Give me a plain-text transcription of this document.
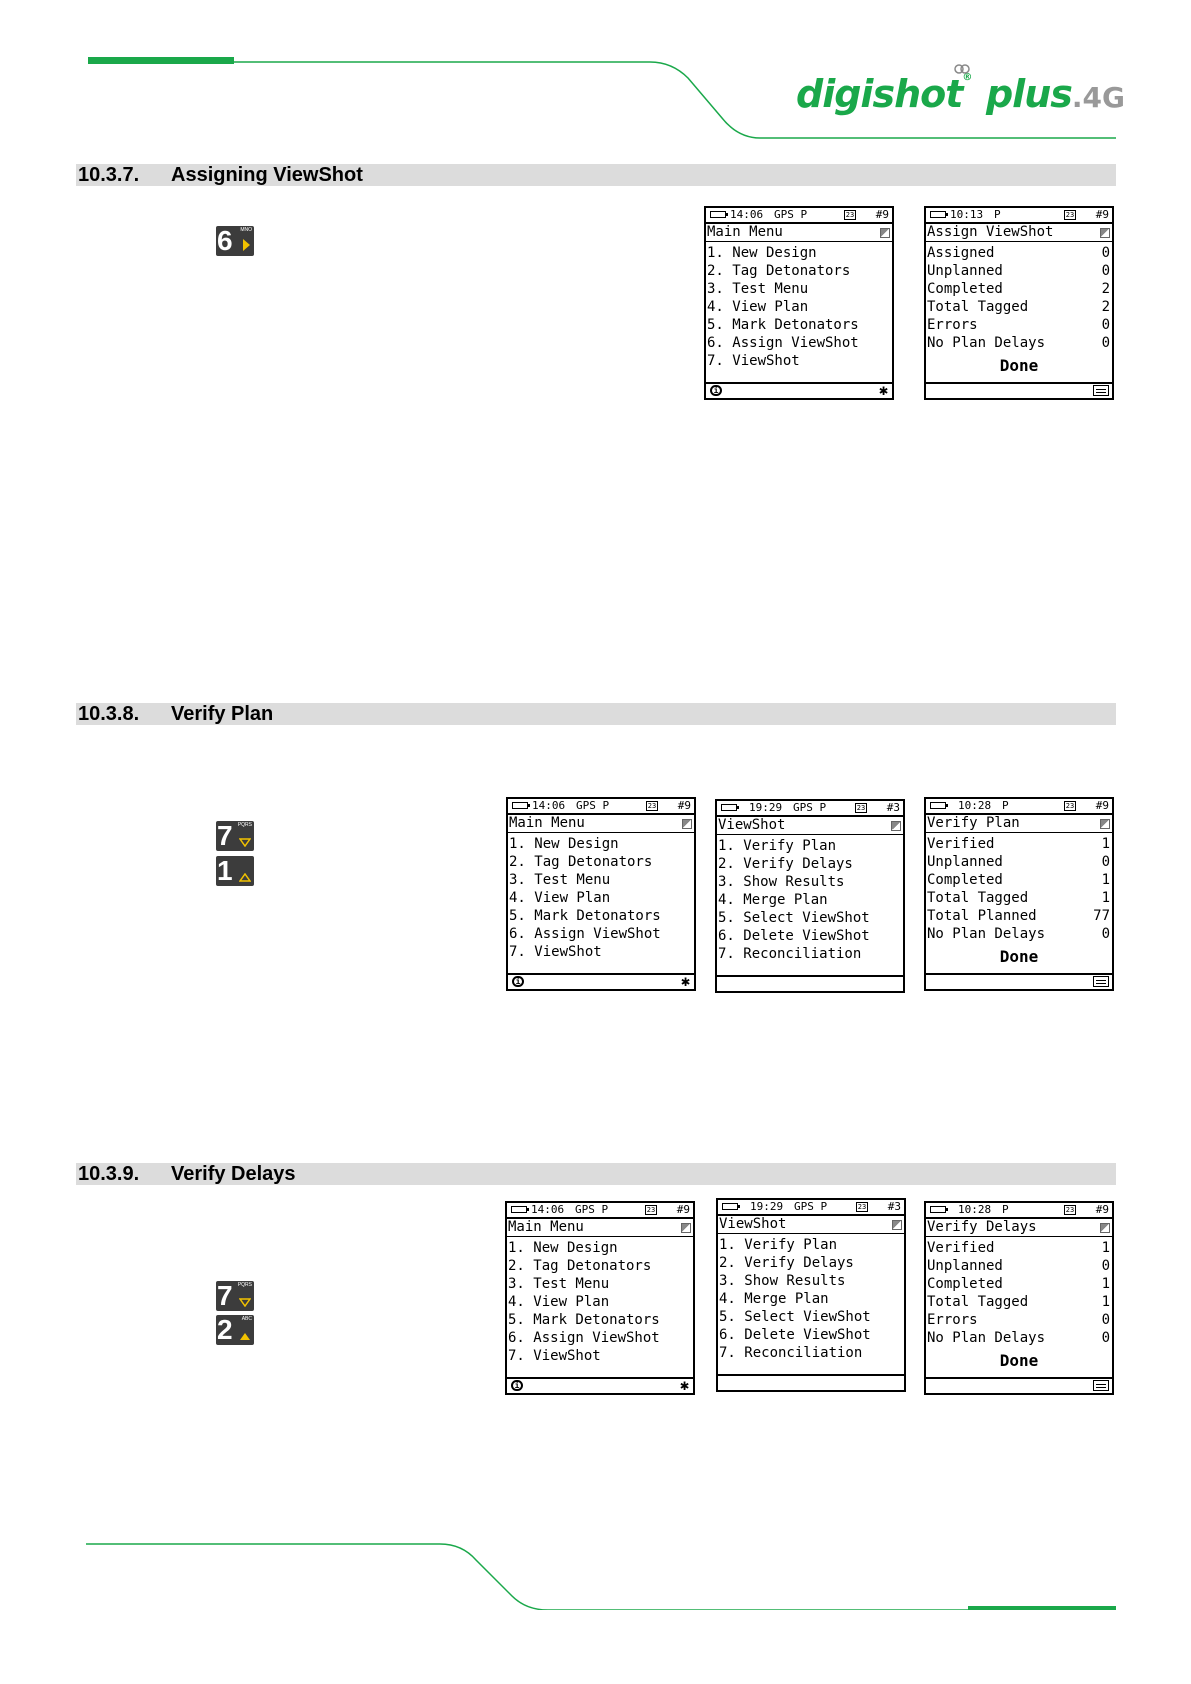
digishot® plus.4G
10.3.7. Assigning ViewShot
6 MNO
14:06 GPS P	23 #9
Main Menu
1. New Design
2. Tag Detonators
3. Test Menu
4. View Plan
5. Mark Detonators
6. Assign ViewShot
7. ViewShot
i	✱
10:13 P	23 #9
Assign ViewShot
Assigned	0
Unplanned	0
Completed	2
Total Tagged	2
Errors	0
No Plan Delays	0
Done
10.3.8. Verify Plan
7 PQRS
1
14:06 GPS P	23 #9
Main Menu
1. New Design
2. Tag Detonators
3. Test Menu
4. View Plan
5. Mark Detonators
6. Assign ViewShot
7. ViewShot
i	✱
19:29 GPS P	23 #3
ViewShot
1. Verify Plan
2. Verify Delays
3. Show Results
4. Merge Plan
5. Select ViewShot
6. Delete ViewShot
7. Reconciliation
10:28 P	23 #9
Verify Plan
Verified	1
Unplanned	0
Completed	1
Total Tagged	1
Total Planned	77
No Plan Delays	0
Done
10.3.9. Verify Delays
7 PQRS
2 ABC
14:06 GPS P	23 #9
Main Menu
1. New Design
2. Tag Detonators
3. Test Menu
4. View Plan
5. Mark Detonators
6. Assign ViewShot
7. ViewShot
i	✱
19:29 GPS P	23 #3
ViewShot
1. Verify Plan
2. Verify Delays
3. Show Results
4. Merge Plan
5. Select ViewShot
6. Delete ViewShot
7. Reconciliation
10:28 P	23 #9
Verify Delays
Verified	1
Unplanned	0
Completed	1
Total Tagged	1
Errors	0
No Plan Delays	0
Done
